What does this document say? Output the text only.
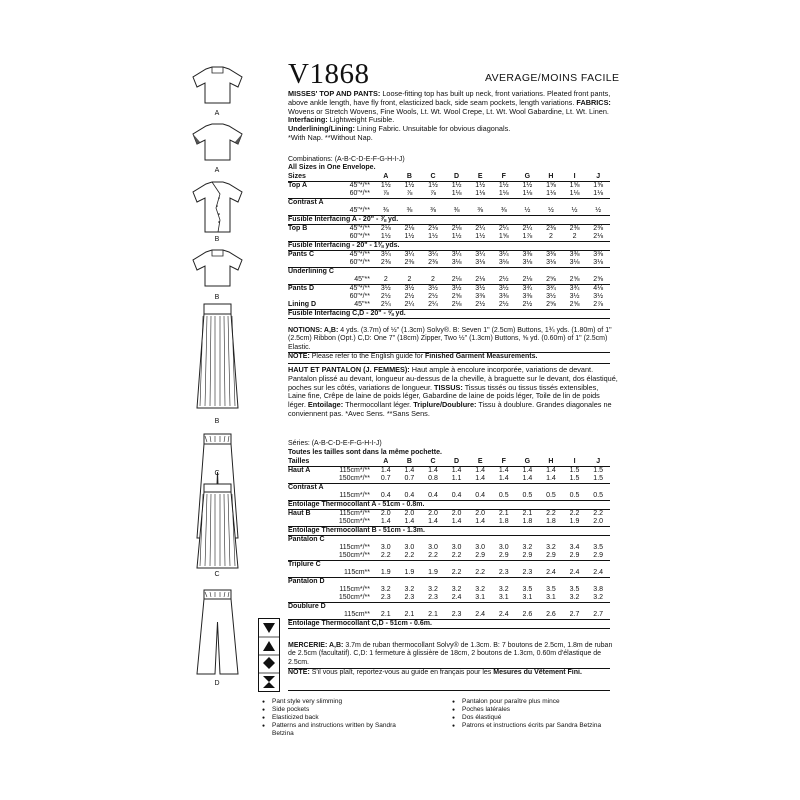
A
A
B
B
B
C
C
D
V1868	AVERAGE/MOINS FACILE
MISSES' TOP AND PANTS: Loose-fitting top has built up neck, front variations. Pleated front pants, above ankle length, have fly front, elasticized back, side seam pockets, length variations. FABRICS: Wovens or Stretch Wovens, Fine Wools, Lt. Wt. Wool Crepe, Lt. Wt. Wool Gabardine, Lt. Wt. Linen. Interfacing: Lightweight Fusible.
Underlining/Lining: Lining Fabric. Unsuitable for obvious diagonals.
*With Nap. **Without Nap.
Combinations: (A-B-C-D-E-F-G-H-I-J)
All Sizes in One Envelope.
Sizes		A	B	C	D	E	F	G	H	I	J
Top A	45"*/**	1½	1½	1½	1½	1½	1½	1½	1⅝	1⅝	1⅝
	60"*/**	⅞	⅞	⅞	1⅛	1⅛	1⅛	1⅛	1⅛	1⅛	1⅛
Contrast A											
	45"*/**	⅜	⅜	⅜	⅜	⅜	⅜	½	½	½	½
Fusible Interfacing A - 20" - ⅞ yd.											
Top B	45"*/**	2⅛	2⅛	2⅛	2⅛	2¼	2¼	2¼	2⅜	2⅜	2⅜
	60"*/**	1½	1½	1½	1½	1½	1⅝	1⅞	2	2	2⅛
Fusible Interfacing - 20" - 1⅜ yds.											
Pants C	45"*/**	3¼	3¼	3¼	3¼	3¼	3¼	3⅜	3⅜	3⅜	3⅜
	60"*/**	2⅜	2⅜	2⅜	3⅛	3⅛	3⅛	3⅛	3⅛	3⅛	3⅛
Underlining C											
	45"**	2	2	2	2⅛	2⅛	2½	2⅛	2⅝	2⅝	2⅝
Pants D	45"*/**	3½	3½	3½	3½	3½	3½	3¾	3¾	3¾	4⅛
	60"*/**	2½	2½	2½	2⅝	3⅜	3⅜	3⅜	3½	3½	3½
Lining D	45"**	2¼	2¼	2¼	2⅛	2½	2½	2½	2⅝	2⅝	2⅞
Fusible Interfacing C,D - 20" - ⅝ yd.											
NOTIONS: A,B: 4 yds. (3.7m) of ½" (1.3cm) Solvy®. B: Seven 1" (2.5cm) Buttons, 1¾ yds. (1.80m) of 1" (2.5cm) Ribbon (Opt.) C,D: One 7" (18cm) Zipper, Two ½" (1.3cm) Buttons, ⅝ yd. (0.60m) of 1" (2.5cm) Elastic.
NOTE: Please refer to the English guide for Finished Garment Measurements.
HAUT ET PANTALON (J. FEMMES): Haut ample à encolure incorporée, variations de devant. Pantalon plissé au devant, longueur au-dessus de la cheville, à braguette sur le devant, dos élastiqué, poches sur les côtés, variations de longueur. TISSUS: Tissus tissés ou tissus tissés extensibles, Laine fine, Crêpe de laine de poids léger, Gabardine de laine de poids léger, Toile de lin de poids léger. Entoilage: Thermocollant léger. Triplure/Doublure: Tissu à doublure. Grandes diagonales ne conviennent pas. *Avec Sens. **Sans Sens.
Séries: (A-B-C-D-E-F-G-H-I-J)
Toutes les tailles sont dans la même pochette.
Tailles		A	B	C	D	E	F	G	H	I	J
Haut A	115cm*/**	1.4	1.4	1.4	1.4	1.4	1.4	1.4	1.4	1.5	1.5
	150cm*/**	0.7	0.7	0.8	1.1	1.4	1.4	1.4	1.4	1.5	1.5
Contrast A											
	115cm*/**	0.4	0.4	0.4	0.4	0.4	0.5	0.5	0.5	0.5	0.5
Entoilage Thermocollant A - 51cm - 0.8m.											
Haut B	115cm*/**	2.0	2.0	2.0	2.0	2.0	2.1	2.1	2.2	2.2	2.2
	150cm*/**	1.4	1.4	1.4	1.4	1.4	1.8	1.8	1.8	1.9	2.0
Entoilage Thermocollant B - 51cm - 1.3m.											
Pantalon C											
	115cm*/**	3.0	3.0	3.0	3.0	3.0	3.0	3.2	3.2	3.4	3.5
	150cm*/**	2.2	2.2	2.2	2.2	2.9	2.9	2.9	2.9	2.9	2.9
Triplure C											
	115cm**	1.9	1.9	1.9	2.2	2.2	2.3	2.3	2.4	2.4	2.4
Pantalon D											
	115cm*/**	3.2	3.2	3.2	3.2	3.2	3.2	3.5	3.5	3.5	3.8
	150cm*/**	2.3	2.3	2.3	2.4	3.1	3.1	3.1	3.1	3.2	3.2
Doublure D											
	115cm**	2.1	2.1	2.1	2.3	2.4	2.4	2.6	2.6	2.7	2.7
Entoilage Thermocollant C,D - 51cm - 0.6m.											
MERCERIE: A,B: 3.7m de ruban thermocollant Solvy® de 1.3cm. B: 7 boutons de 2.5cm, 1.8m de ruban de 2.5cm (facultatif). C,D: 1 fermeture à glissière de 18cm, 2 boutons de 1.3cm, 0.60m d'élastique de 2.5cm.
NOTE: S'il vous plaît, reportez-vous au guide en français pour les Mesures du Vêtement Fini.
● Pant style very slimming
● Side pockets
● Elasticized back
● Patterns and instructions written by Sandra Betzina
● Pantalon pour paraître plus mince
● Poches latérales
● Dos élastiqué
● Patrons et instructions écrits par Sandra Betzina
